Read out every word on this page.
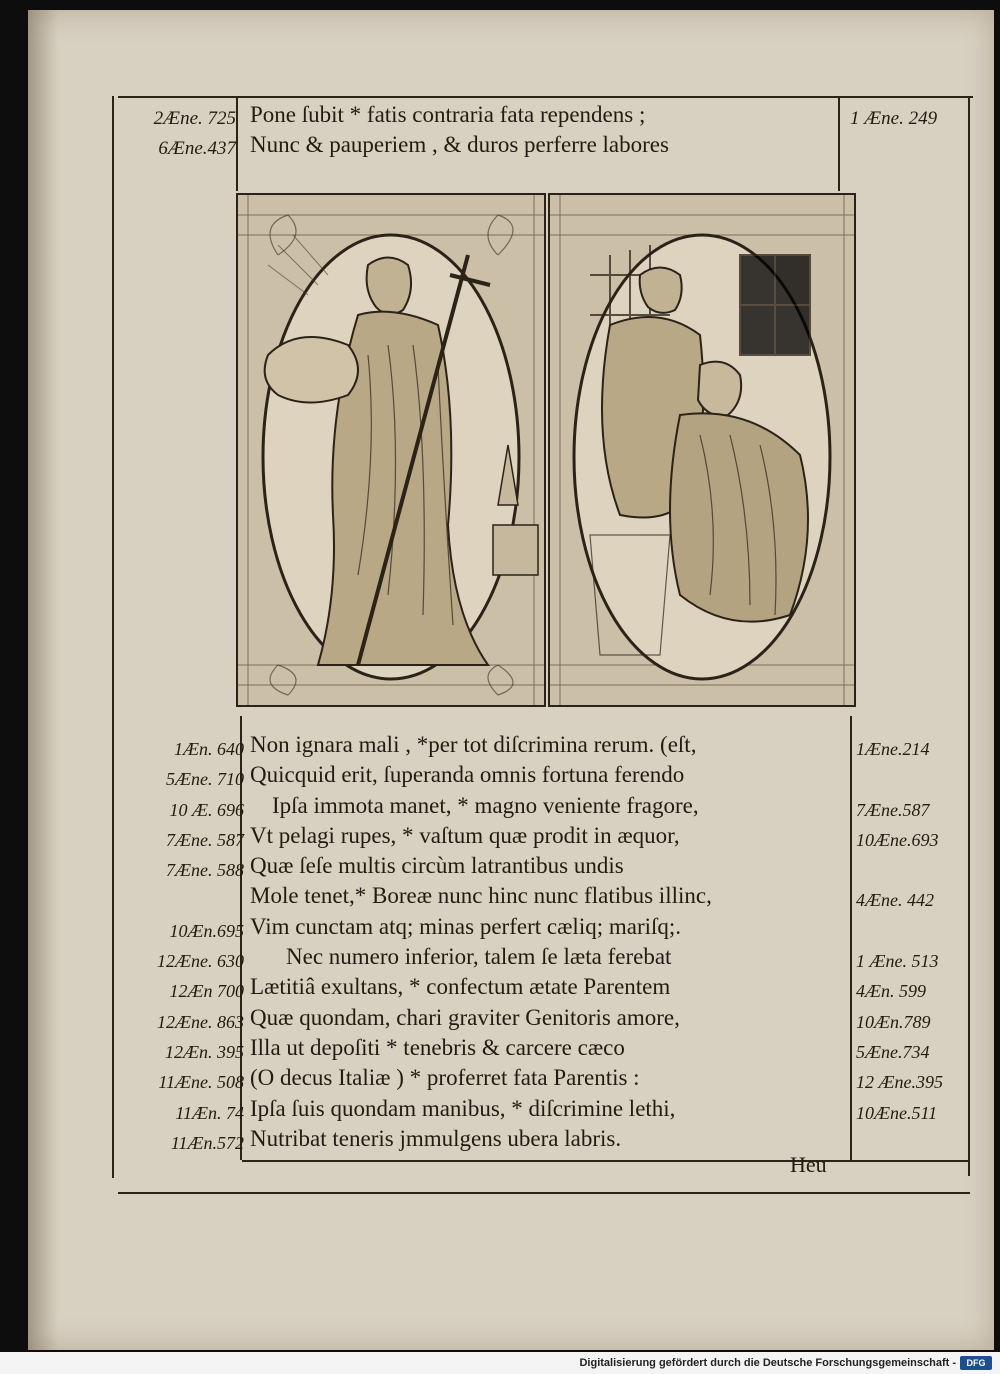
2Æne. 725
6Æne.437
Pone ſubit * fatis contraria fata rependens ;
Nunc & pauperiem , & duros perferre labores
1 Æne. 249
1Æn. 640
5Æne. 710
10 Æ. 696
7Æne. 587
7Æne. 588
10Æn.695
12Æne. 630
12Æn 700
12Æne. 863
12Æn. 395
11Æne. 508
11Æn. 74
11Æn.572
Non ignara mali , *per tot diſcrimina rerum. (eſt,
Quicquid erit, ſuperanda omnis fortuna ferendo
Ipſa immota manet, * magno veniente fragore,
Vt pelagi rupes, * vaſtum quæ prodit in æquor,
Quæ ſeſe multis circùm latrantibus undis
Mole tenet,* Boreæ nunc hinc nunc flatibus illinc,
Vim cunctam atq; minas perfert cæliq; mariſq;.
Nec numero inferior, talem ſe læta ferebat
Lætitiâ exultans, * confectum ætate Parentem
Quæ quondam, chari graviter Genitoris amore,
Illa ut depoſiti * tenebris & carcere cæco
(O decus Italiæ ) * proferret fata Parentis :
Ipſa ſuis quondam manibus, * diſcrimine lethi,
Nutribat teneris jmmulgens ubera labris.
1Æne.214
7Æne.587
10Æne.693
4Æne. 442
1 Æne. 513
4Æn. 599
10Æn.789
5Æne.734
12 Æne.395
10Æne.511
Heu
Digitalisierung gefördert durch die Deutsche Forschungsgemeinschaft -	DFG
